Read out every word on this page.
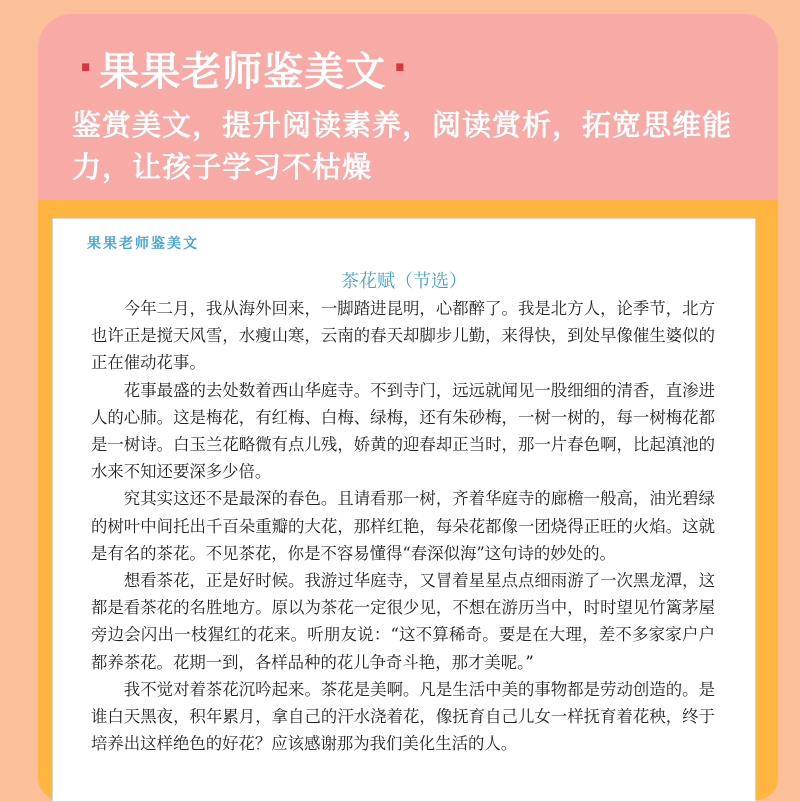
· 果果老师鉴美文 ·
鉴赏美文，提升阅读素养，阅读赏析，拓宽思维能力，让孩子学习不枯燥
果果老师鉴美文
茶花赋（节选）

今年二月，我从海外回来，一脚踏进昆明，心都醉了。我是北方人，论季节，北方也许正是搅天风雪，水瘦山寒，云南的春天却脚步儿勤，来得快，到处早像催生婆似的正在催动花事。

花事最盛的去处数着西山华庭寺。不到寺门，远远就闻见一股细细的清香，直渗进人的心肺。这是梅花，有红梅、白梅、绿梅，还有朱砂梅，一树一树的，每一树梅花都是一树诗。白玉兰花略微有点儿残，娇黄的迎春却正当时，那一片春色啊，比起滇池的水来不知还要深多少倍。

究其实这还不是最深的春色。且请看那一树，齐着华庭寺的廊檐一般高，油光碧绿的树叶中间托出千百朵重瓣的大花，那样红艳，每朵花都像一团烧得正旺的火焰。这就是有名的茶花。不见茶花，你是不容易懂得“春深似海”这句诗的妙处的。

想看茶花，正是好时候。我游过华庭寺，又冒着星星点点细雨游了一次黑龙潭，这都是看茶花的名胜地方。原以为茶花一定很少见，不想在游历当中，时时望见竹篱茅屋旁边会闪出一枝猩红的花来。听朋友说：“这不算稀奇。要是在大理，差不多家家户户都养茶花。花期一到，各样品种的花儿争奇斗艳，那才美呢。”

我不觉对着茶花沉吟起来。茶花是美啊。凡是生活中美的事物都是劳动创造的。是谁白天黑夜，积年累月，拿自己的汗水浇着花，像抚育自己儿女一样抚育着花秧，终于培养出这样绝色的好花？应该感谢那为我们美化生活的人。
